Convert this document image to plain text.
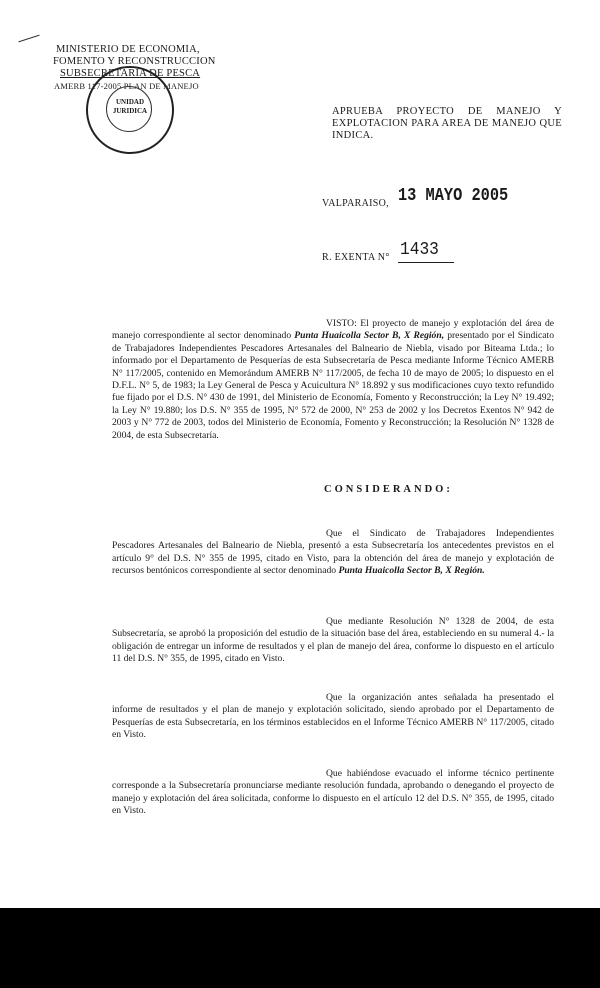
MINISTERIO DE ECONOMIA,
FOMENTO Y RECONSTRUCCION
SUBSECRETARIA DE PESCA
AMERB 117-2005 PLAN DE MANEJO
UNIDAD
JURIDICA	APRUEBA PROYECTO DE MANEJO Y EXPLOTACION PARA AREA DE MANEJO QUE INDICA.
VALPARAISO, 13 MAYO 2005
R. EXENTA N° 1433
VISTO: El proyecto de manejo y explotación del área de manejo correspondiente al sector denominado Punta Huaicolla Sector B, X Región, presentado por el Sindicato de Trabajadores Independientes Pescadores Artesanales del Balneario de Niebla, visado por Biteama Ltda.; lo informado por el Departamento de Pesquerías de esta Subsecretaría de Pesca mediante Informe Técnico AMERB N° 117/2005, contenido en Memorándum AMERB N° 117/2005, de fecha 10 de mayo de 2005; lo dispuesto en el D.F.L. N° 5, de 1983; la Ley General de Pesca y Acuicultura N° 18.892 y sus modificaciones cuyo texto refundido fue fijado por el D.S. N° 430 de 1991, del Ministerio de Economía, Fomento y Reconstrucción; la Ley N° 19.492; la Ley N° 19.880; los D.S. N° 355 de 1995, N° 572 de 2000, N° 253 de 2002 y los Decretos Exentos N° 942 de 2003 y N° 772 de 2003, todos del Ministerio de Economía, Fomento y Reconstrucción; la Resolución N° 1328 de 2004, de esta Subsecretaría.
CONSIDERANDO:
Que el Sindicato de Trabajadores Independientes Pescadores Artesanales del Balneario de Niebla, presentó a esta Subsecretaría los antecedentes previstos en el artículo 9° del D.S. N° 355 de 1995, citado en Visto, para la obtención del área de manejo y explotación de recursos bentónicos correspondiente al sector denominado Punta Huaicolla Sector B, X Región.
Que mediante Resolución N° 1328 de 2004, de esta Subsecretaría, se aprobó la proposición del estudio de la situación base del área, estableciendo en su numeral 4.- la obligación de entregar un informe de resultados y el plan de manejo del área, conforme lo dispuesto en el artículo 11 del D.S. N° 355, de 1995, citado en Visto.
Que la organización antes señalada ha presentado el informe de resultados y el plan de manejo y explotación solicitado, siendo aprobado por el Departamento de Pesquerías de esta Subsecretaría, en los términos establecidos en el Informe Técnico AMERB N° 117/2005, citado en Visto.
Que habiéndose evacuado el informe técnico pertinente corresponde a la Subsecretaría pronunciarse mediante resolución fundada, aprobando o denegando el proyecto de manejo y explotación del área solicitada, conforme lo dispuesto en el artículo 12 del D.S. N° 355, de 1995, citado en Visto.
